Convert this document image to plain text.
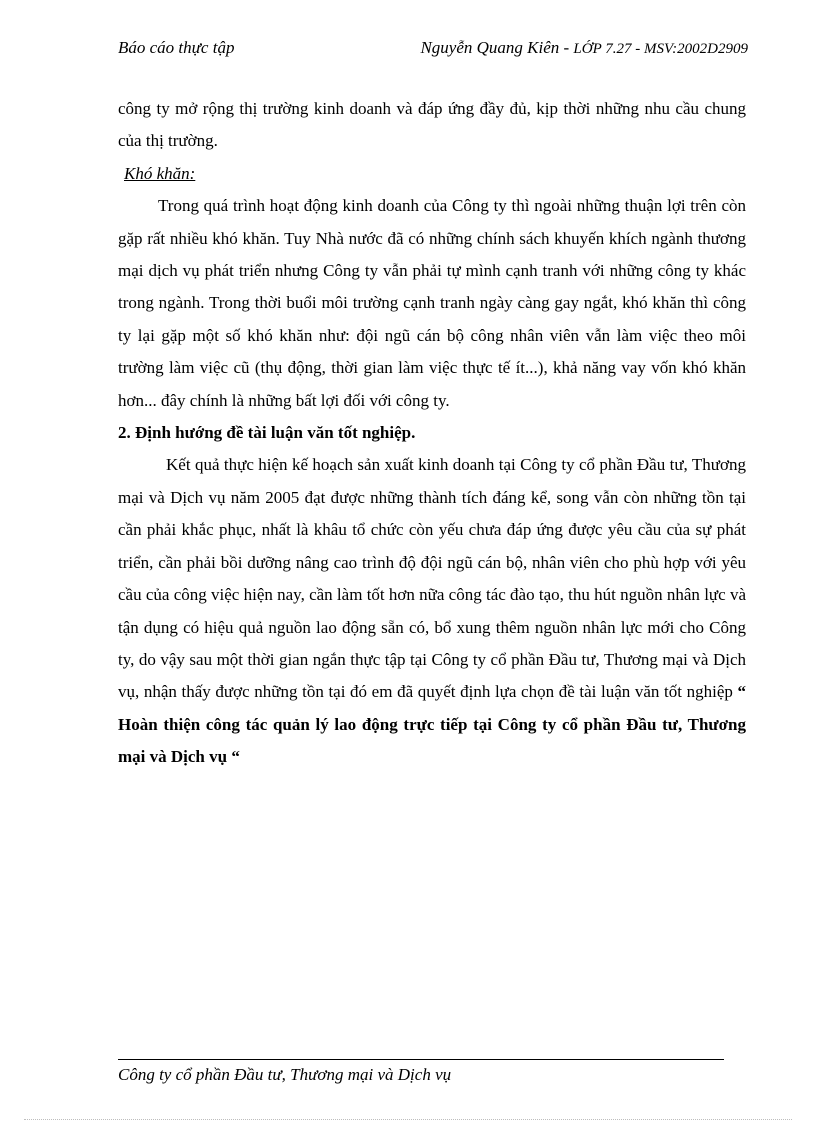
Báo cáo thực tập	Nguyễn Quang Kiên - LỚP 7.27 - MSV:2002D2909

công ty mở rộng thị trường kinh doanh và đáp ứng đầy đủ, kịp thời những nhu cầu chung của thị trường.

Khó khăn:

Trong quá trình hoạt động kinh doanh của Công ty thì ngoài những thuận lợi trên còn gặp rất nhiều khó khăn. Tuy Nhà nước đã có những chính sách khuyến khích ngành thương mại dịch vụ phát triển nhưng Công ty vẫn phải tự mình cạnh tranh với những công ty khác trong ngành. Trong thời buổi môi trường cạnh tranh ngày càng gay ngắt, khó khăn thì công ty lại gặp một số khó khăn như: đội ngũ cán bộ công nhân viên vẫn làm việc theo môi trường làm việc cũ (thụ động, thời gian làm việc thực tế ít...), khả năng vay vốn khó khăn hơn... đây chính là những bất lợi đối với công ty.

2. Định hướng đề tài luận văn tốt nghiệp.

Kết quả thực hiện kế hoạch sản xuất kinh doanh tại Công ty cổ phần Đầu tư, Thương mại và Dịch vụ năm 2005 đạt được những thành tích đáng kể, song vẫn còn những tồn tại cần phải khắc phục, nhất là khâu tổ chức còn yếu chưa đáp ứng được yêu cầu của sự phát triển, cần phải bồi dưỡng nâng cao trình độ đội ngũ cán bộ, nhân viên cho phù hợp với yêu cầu của công việc hiện nay, cần làm tốt hơn nữa công tác đào tạo, thu hút nguồn nhân lực và tận dụng có hiệu quả nguồn lao động sẵn có, bổ xung thêm nguồn nhân lực mới cho Công ty, do vậy sau một thời gian ngắn thực tập tại Công ty cổ phần Đầu tư, Thương mại và Dịch vụ, nhận thấy được những tồn tại đó em đã quyết định lựa chọn đề tài luận văn tốt nghiệp “ Hoàn thiện công tác quản lý lao động trực tiếp tại Công ty cổ phần Đầu tư, Thương mại và Dịch vụ “

Công ty cổ phần Đầu tư, Thương mại và Dịch vụ
